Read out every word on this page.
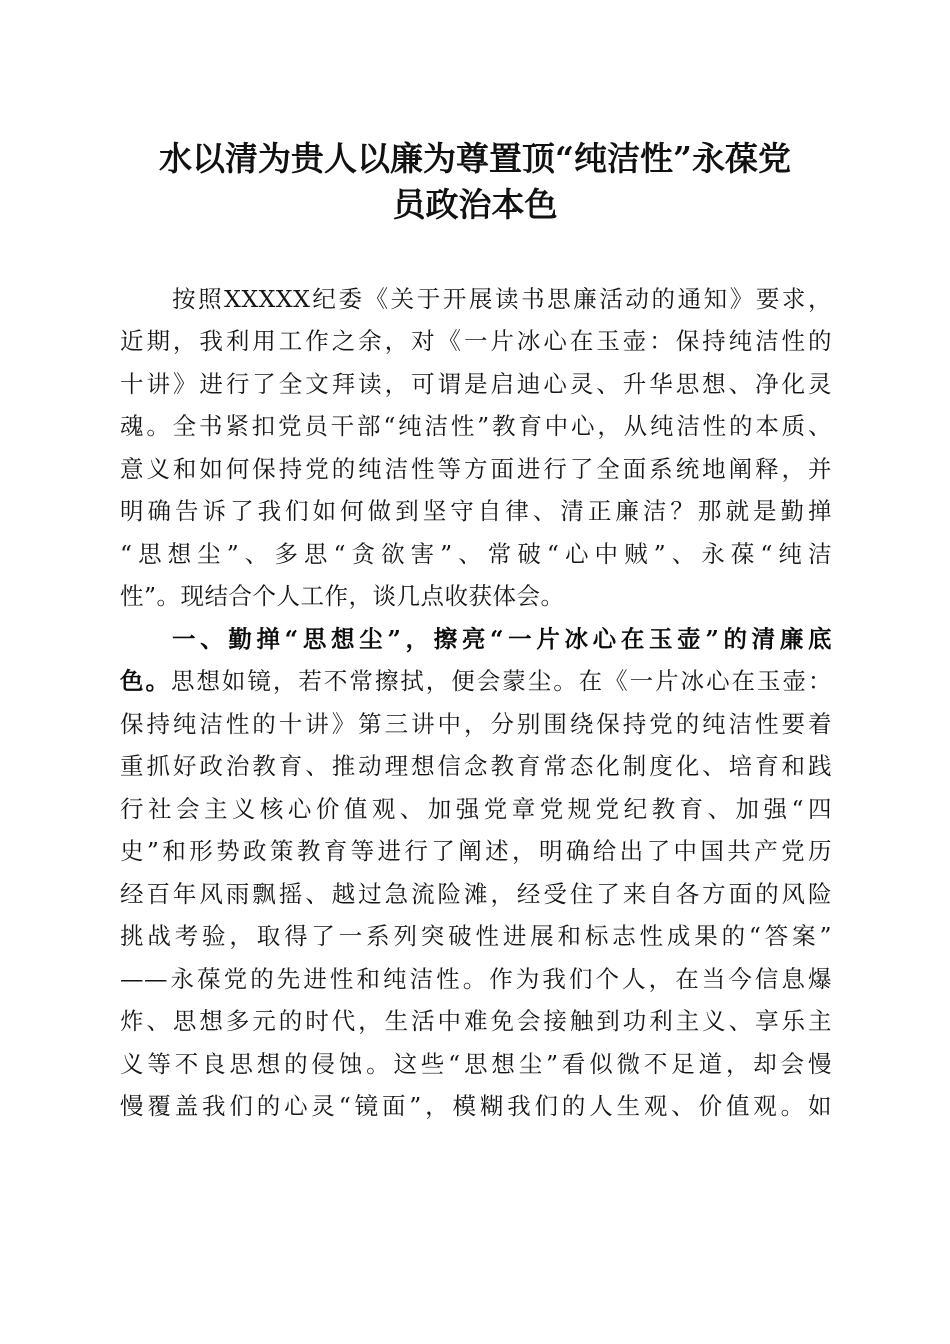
水以清为贵人以廉为尊置顶“纯洁性”永葆党
员政治本色
按照XXXXX纪委《关于开展读书思廉活动的通知》要求，
近期，我利用工作之余，对《一片冰心在玉壶：保持纯洁性的
十讲》进行了全文拜读，可谓是启迪心灵、升华思想、净化灵
魂。全书紧扣党员干部“纯洁性”教育中心，从纯洁性的本质、
意义和如何保持党的纯洁性等方面进行了全面系统地阐释，并
明确告诉了我们如何做到坚守自律、清正廉洁？那就是勤掸
“思想尘”、多思“贪欲害”、常破“心中贼”、永葆“纯洁
性”。现结合个人工作，谈几点收获体会。
一、勤掸“思想尘”，擦亮“一片冰心在玉壶”的清廉底
色。思想如镜，若不常擦拭，便会蒙尘。在《一片冰心在玉壶：
保持纯洁性的十讲》第三讲中，分别围绕保持党的纯洁性要着
重抓好政治教育、推动理想信念教育常态化制度化、培育和践
行社会主义核心价值观、加强党章党规党纪教育、加强“四
史”和形势政策教育等进行了阐述，明确给出了中国共产党历
经百年风雨飘摇、越过急流险滩，经受住了来自各方面的风险
挑战考验，取得了一系列突破性进展和标志性成果的“答案”
——永葆党的先进性和纯洁性。作为我们个人，在当今信息爆
炸、思想多元的时代，生活中难免会接触到功利主义、享乐主
义等不良思想的侵蚀。这些“思想尘”看似微不足道，却会慢
慢覆盖我们的心灵“镜面”，模糊我们的人生观、价值观。如
